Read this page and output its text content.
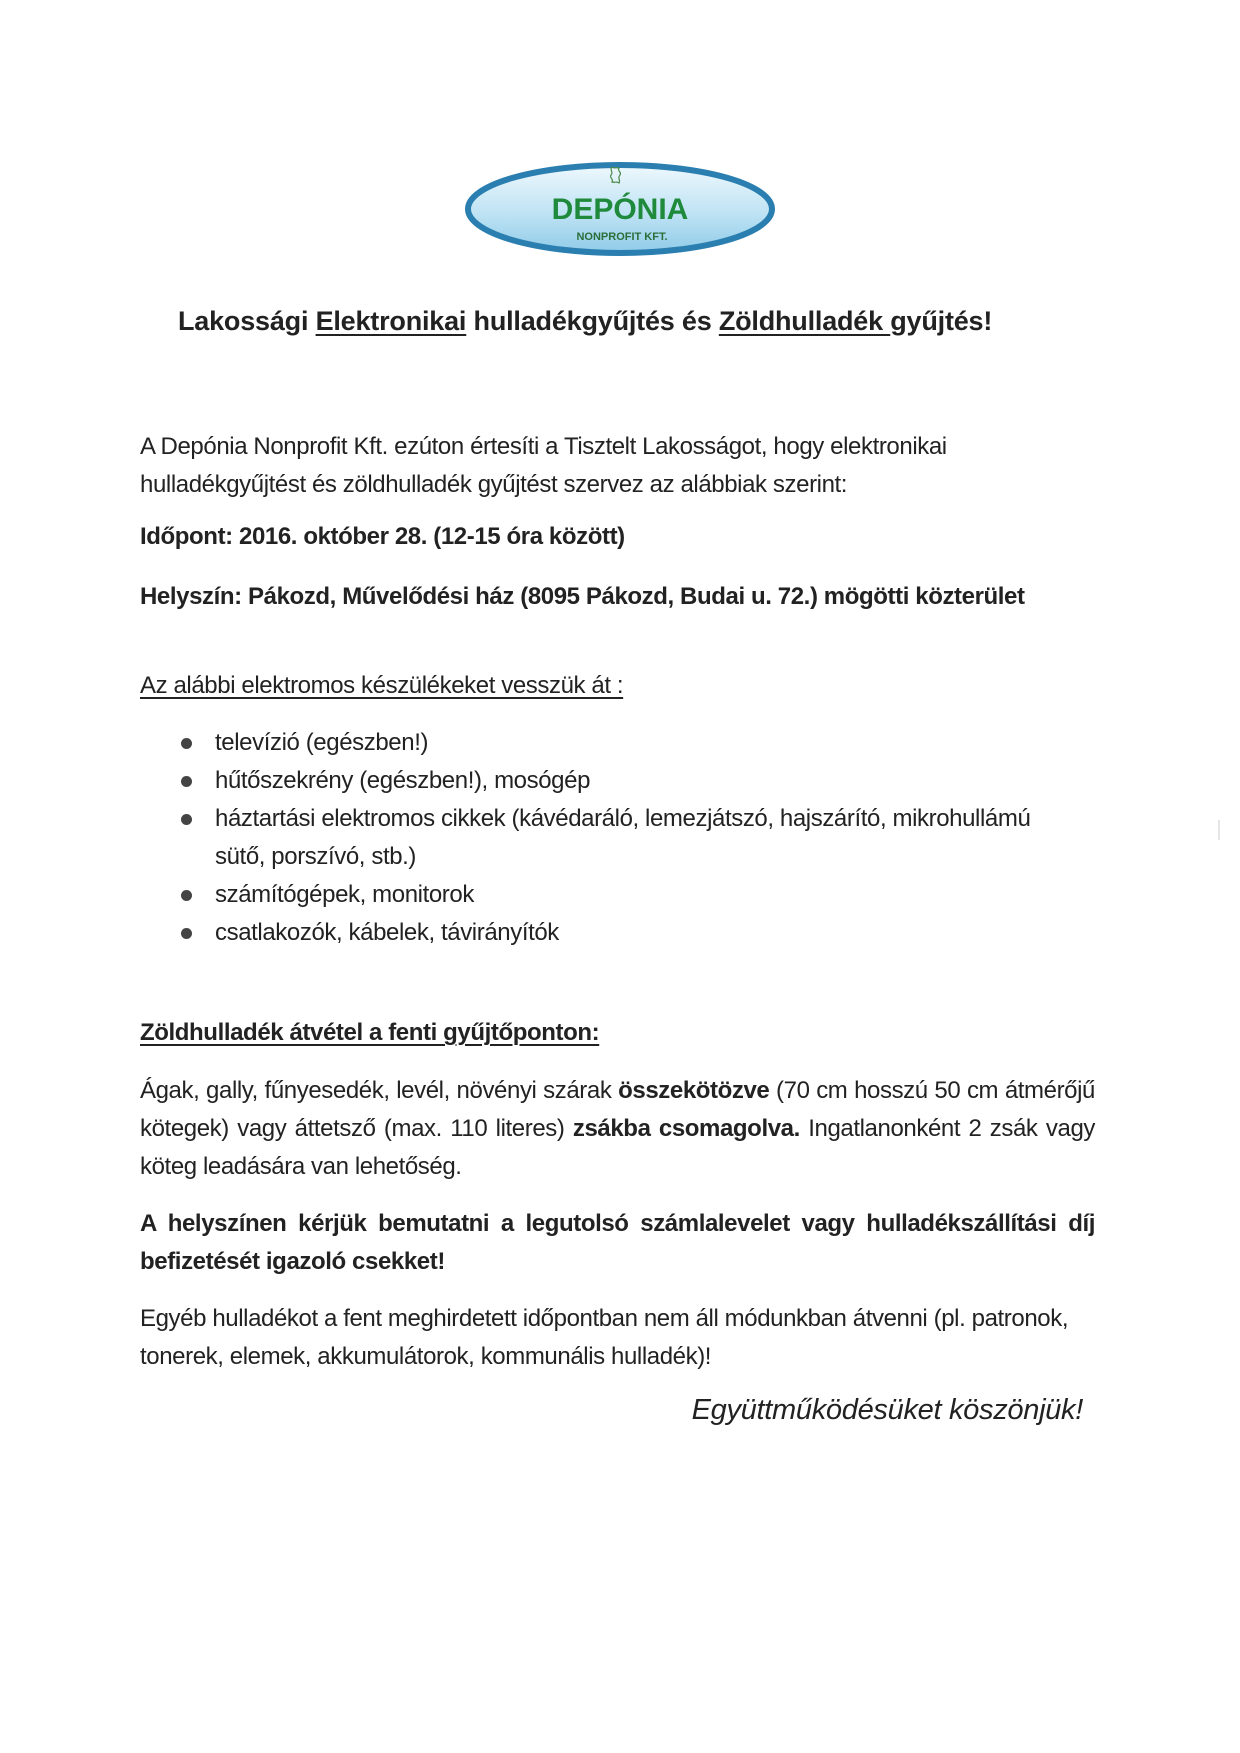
DEPÓNIA
NONPROFIT KFT.
Lakossági Elektronikai hulladékgyűjtés és Zöldhulladék gyűjtés!
A Depónia Nonprofit Kft. ezúton értesíti a Tisztelt Lakosságot, hogy elektronikai hulladékgyűjtést és zöldhulladék gyűjtést szervez az alábbiak szerint:
Időpont: 2016. október 28. (12-15 óra között)
Helyszín: Pákozd, Művelődési ház (8095 Pákozd, Budai u. 72.) mögötti közterület
Az alábbi elektromos készülékeket vesszük át :
televízió (egészben!)
hűtőszekrény (egészben!), mosógép
háztartási elektromos cikkek (kávédaráló, lemezjátszó, hajszárító, mikrohullámú sütő, porszívó, stb.)
számítógépek, monitorok
csatlakozók, kábelek, távirányítók
Zöldhulladék átvétel a fenti gyűjtőponton:
Ágak, gally, fűnyesedék, levél, növényi szárak összekötözve (70 cm hosszú 50 cm átmérőjű kötegek) vagy áttetsző (max. 110 literes) zsákba csomagolva. Ingatlanonként 2 zsák vagy köteg leadására van lehetőség.
A helyszínen kérjük bemutatni a legutolsó számlalevelet vagy hulladékszállítási díj befizetését igazoló csekket!
Egyéb hulladékot a fent meghirdetett időpontban nem áll módunkban átvenni (pl. patronok, tonerek, elemek, akkumulátorok, kommunális hulladék)!
Együttműködésüket köszönjük!
